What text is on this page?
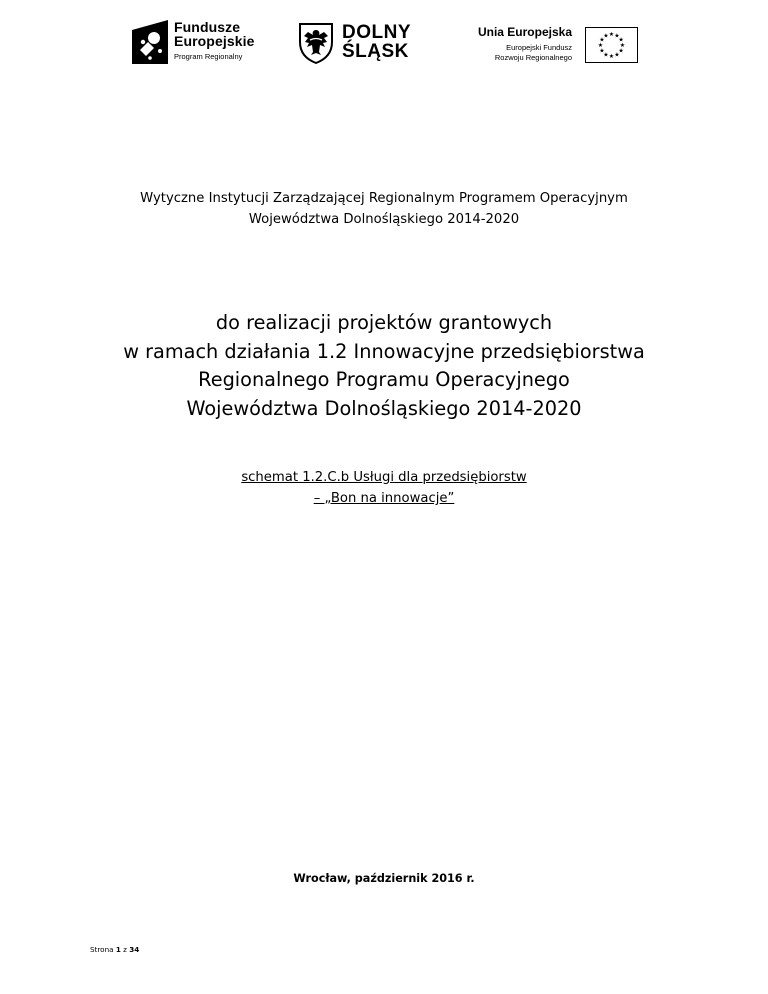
Fundusze
Europejskie
Program Regionalny
DOLNY
ŚLĄSK
Unia Europejska
Europejski Fundusz
Rozwoju Regionalnego
★ ★
★
★
★
★
★
★
★
★
★
★
Wytyczne Instytucji Zarządzającej Regionalnym Programem Operacyjnym
Województwa Dolnośląskiego 2014-2020
do realizacji projektów grantowych
w ramach działania 1.2 Innowacyjne przedsiębiorstwa
Regionalnego Programu Operacyjnego
Województwa Dolnośląskiego 2014-2020
schemat 1.2.C.b Usługi dla przedsiębiorstw
– „Bon na innowacje”
Wrocław, październik 2016 r.
Strona 1 z 34
